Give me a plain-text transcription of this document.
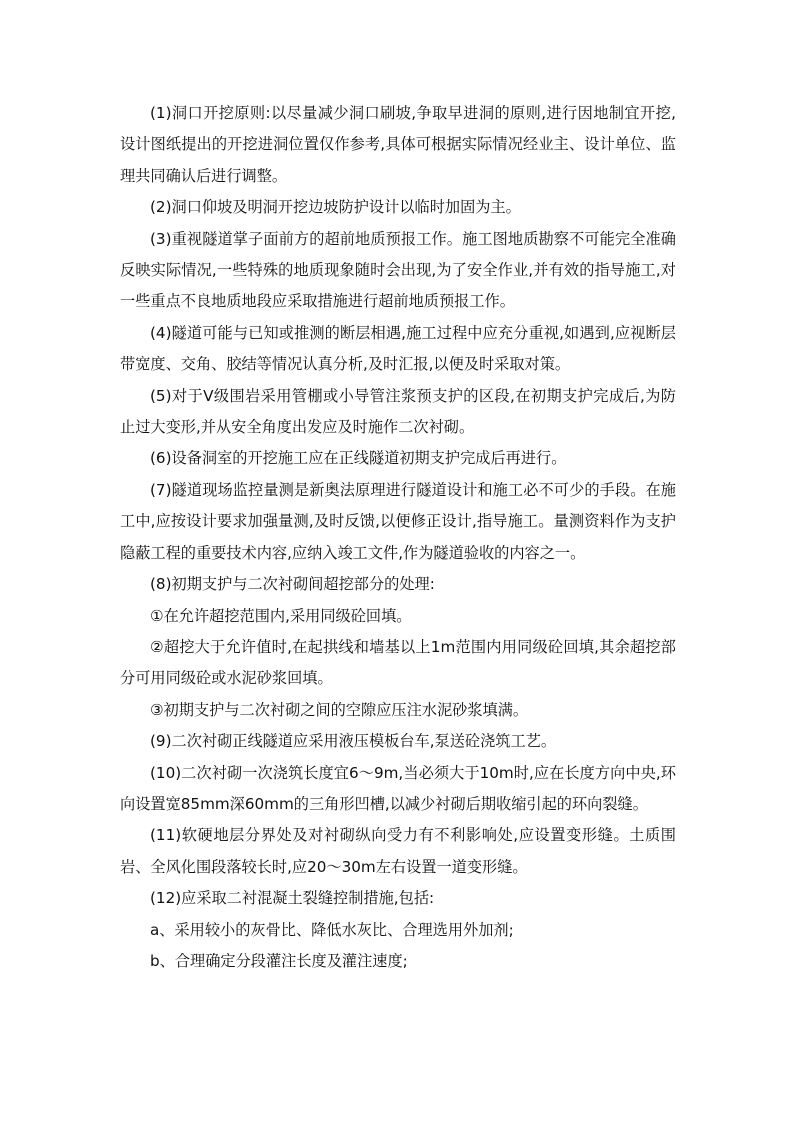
(1)洞口开挖原则:以尽量减少洞口刷坡,争取早进洞的原则,进行因地制宜开挖,设计图纸提出的开挖进洞位置仅作参考,具体可根据实际情况经业主、设计单位、监理共同确认后进行调整。

(2)洞口仰坡及明洞开挖边坡防护设计以临时加固为主。

(3)重视隧道掌子面前方的超前地质预报工作。施工图地质勘察不可能完全准确反映实际情况,一些特殊的地质现象随时会出现,为了安全作业,并有效的指导施工,对一些重点不良地质地段应采取措施进行超前地质预报工作。

(4)隧道可能与已知或推测的断层相遇,施工过程中应充分重视,如遇到,应视断层带宽度、交角、胶结等情况认真分析,及时汇报,以便及时采取对策。

(5)对于Ⅴ级围岩采用管棚或小导管注浆预支护的区段,在初期支护完成后,为防止过大变形,并从安全角度出发应及时施作二次衬砌。

(6)设备洞室的开挖施工应在正线隧道初期支护完成后再进行。

(7)隧道现场监控量测是新奥法原理进行隧道设计和施工必不可少的手段。在施工中,应按设计要求加强量测,及时反馈,以便修正设计,指导施工。量测资料作为支护隐蔽工程的重要技术内容,应纳入竣工文件,作为隧道验收的内容之一。

(8)初期支护与二次衬砌间超挖部分的处理:

①在允许超挖范围内,采用同级砼回填。

②超挖大于允许值时,在起拱线和墙基以上1m范围内用同级砼回填,其余超挖部分可用同级砼或水泥砂浆回填。

③初期支护与二次衬砌之间的空隙应压注水泥砂浆填满。

(9)二次衬砌正线隧道应采用液压模板台车,泵送砼浇筑工艺。

(10)二次衬砌一次浇筑长度宜6～9m,当必须大于10m时,应在长度方向中央,环向设置宽85mm深60mm的三角形凹槽,以减少衬砌后期收缩引起的环向裂缝。

(11)软硬地层分界处及对衬砌纵向受力有不利影响处,应设置变形缝。土质围岩、全风化围段落较长时,应20～30m左右设置一道变形缝。

(12)应采取二衬混凝土裂缝控制措施,包括:

a、采用较小的灰骨比、降低水灰比、合理选用外加剂;

b、合理确定分段灌注长度及灌注速度;
